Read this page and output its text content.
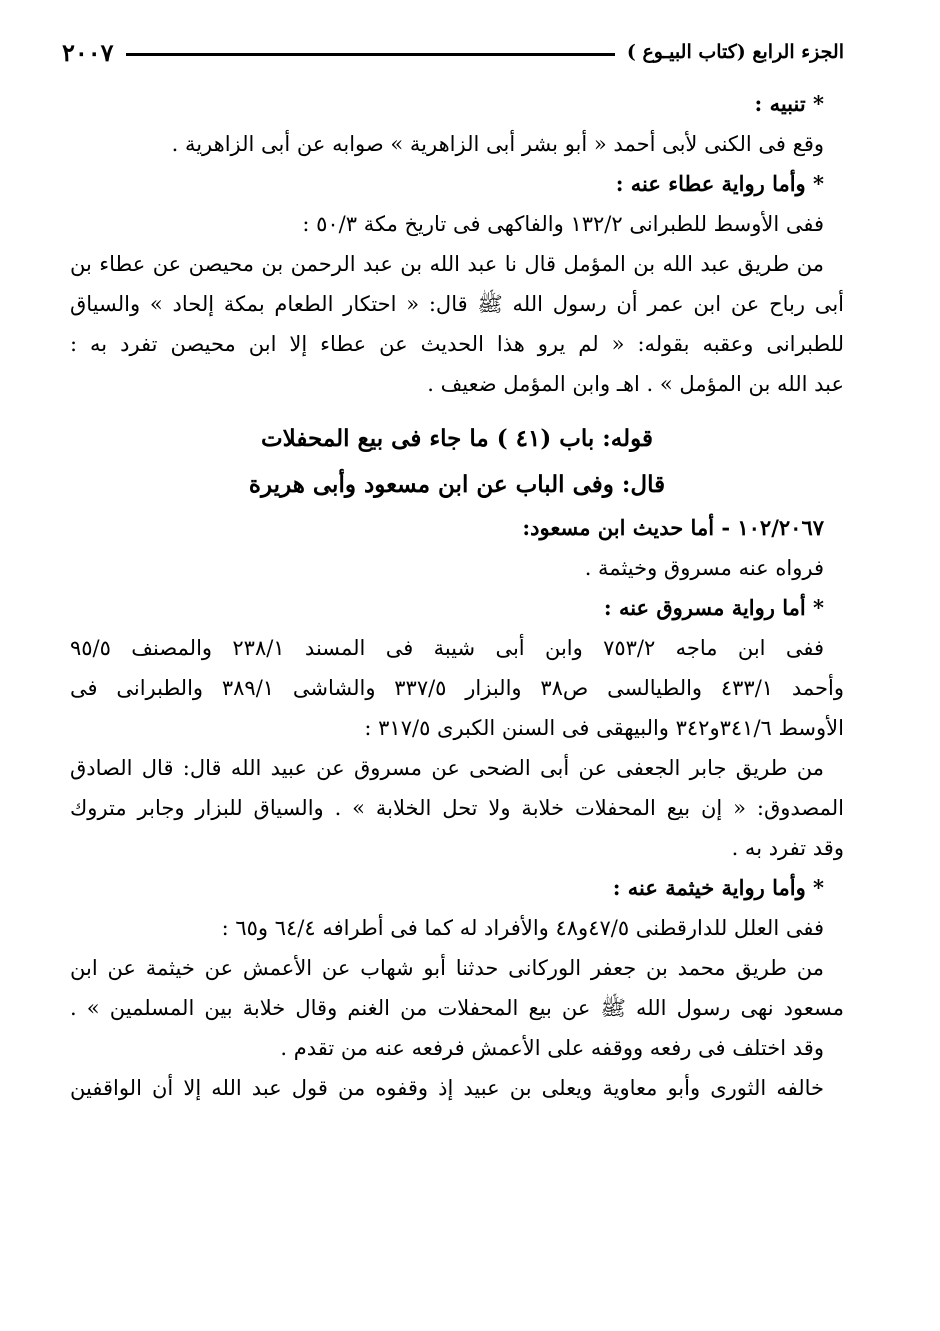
الجزء الرابع (كتاب البيـوع )
٢٠٠٧

* تنبيه :

وقع فى الكنى لأبى أحمد « أبو بشر أبى الزاهرية » صوابه عن أبى الزاهرية .

* وأما رواية عطاء عنه :

ففى الأوسط للطبرانى ١٣٢/٢ والفاكهى فى تاريخ مكة ٥٠/٣ :

من طريق عبد الله بن المؤمل قال نا عبد الله بن عبد الرحمن بن محيصن عن عطاء بن

أبى رباح عن ابن عمر أن رسول الله ﷺ قال: « احتكار الطعام بمكة إلحاد » والسياق

للطبرانى وعقبه بقوله: « لم يرو هذا الحديث عن عطاء إلا ابن محيصن تفرد به :

عبد الله بن المؤمل » . اهـ وابن المؤمل ضعيف .

قوله: باب (٤١ ) ما جاء فى بيع المحفلات

قال: وفى الباب عن ابن مسعود وأبى هريرة

١٠٢/٢٠٦٧ - أما حديث ابن مسعود:

فرواه عنه مسروق وخيثمة .

* أما رواية مسروق عنه :

ففى ابن ماجه ٧٥٣/٢ وابن أبى شيبة فى المسند ٢٣٨/١ والمصنف ٩٥/٥

وأحمد ٤٣٣/١ والطيالسى ص٣٨ والبزار ٣٣٧/٥ والشاشى ٣٨٩/١ والطبرانى فى

الأوسط ٣٤١/٦و٣٤٢ والبيهقى فى السنن الكبرى ٣١٧/٥ :

من طريق جابر الجعفى عن أبى الضحى عن مسروق عن عبيد الله قال: قال الصادق

المصدوق: « إن بيع المحفلات خلابة ولا تحل الخلابة » . والسياق للبزار وجابر متروك

وقد تفرد به .

* وأما رواية خيثمة عنه :

ففى العلل للدارقطنى ٤٧/٥و٤٨ والأفراد له كما فى أطرافه ٦٤/٤ و٦٥ :

من طريق محمد بن جعفر الوركانى حدثنا أبو شهاب عن الأعمش عن خيثمة عن ابن

مسعود نهى رسول الله ﷺ عن بيع المحفلات من الغنم وقال خلابة بين المسلمين » .

وقد اختلف فى رفعه ووقفه على الأعمش فرفعه عنه من تقدم .

خالفه الثورى وأبو معاوية ويعلى بن عبيد إذ وقفوه من قول عبد الله إلا أن الواقفين
